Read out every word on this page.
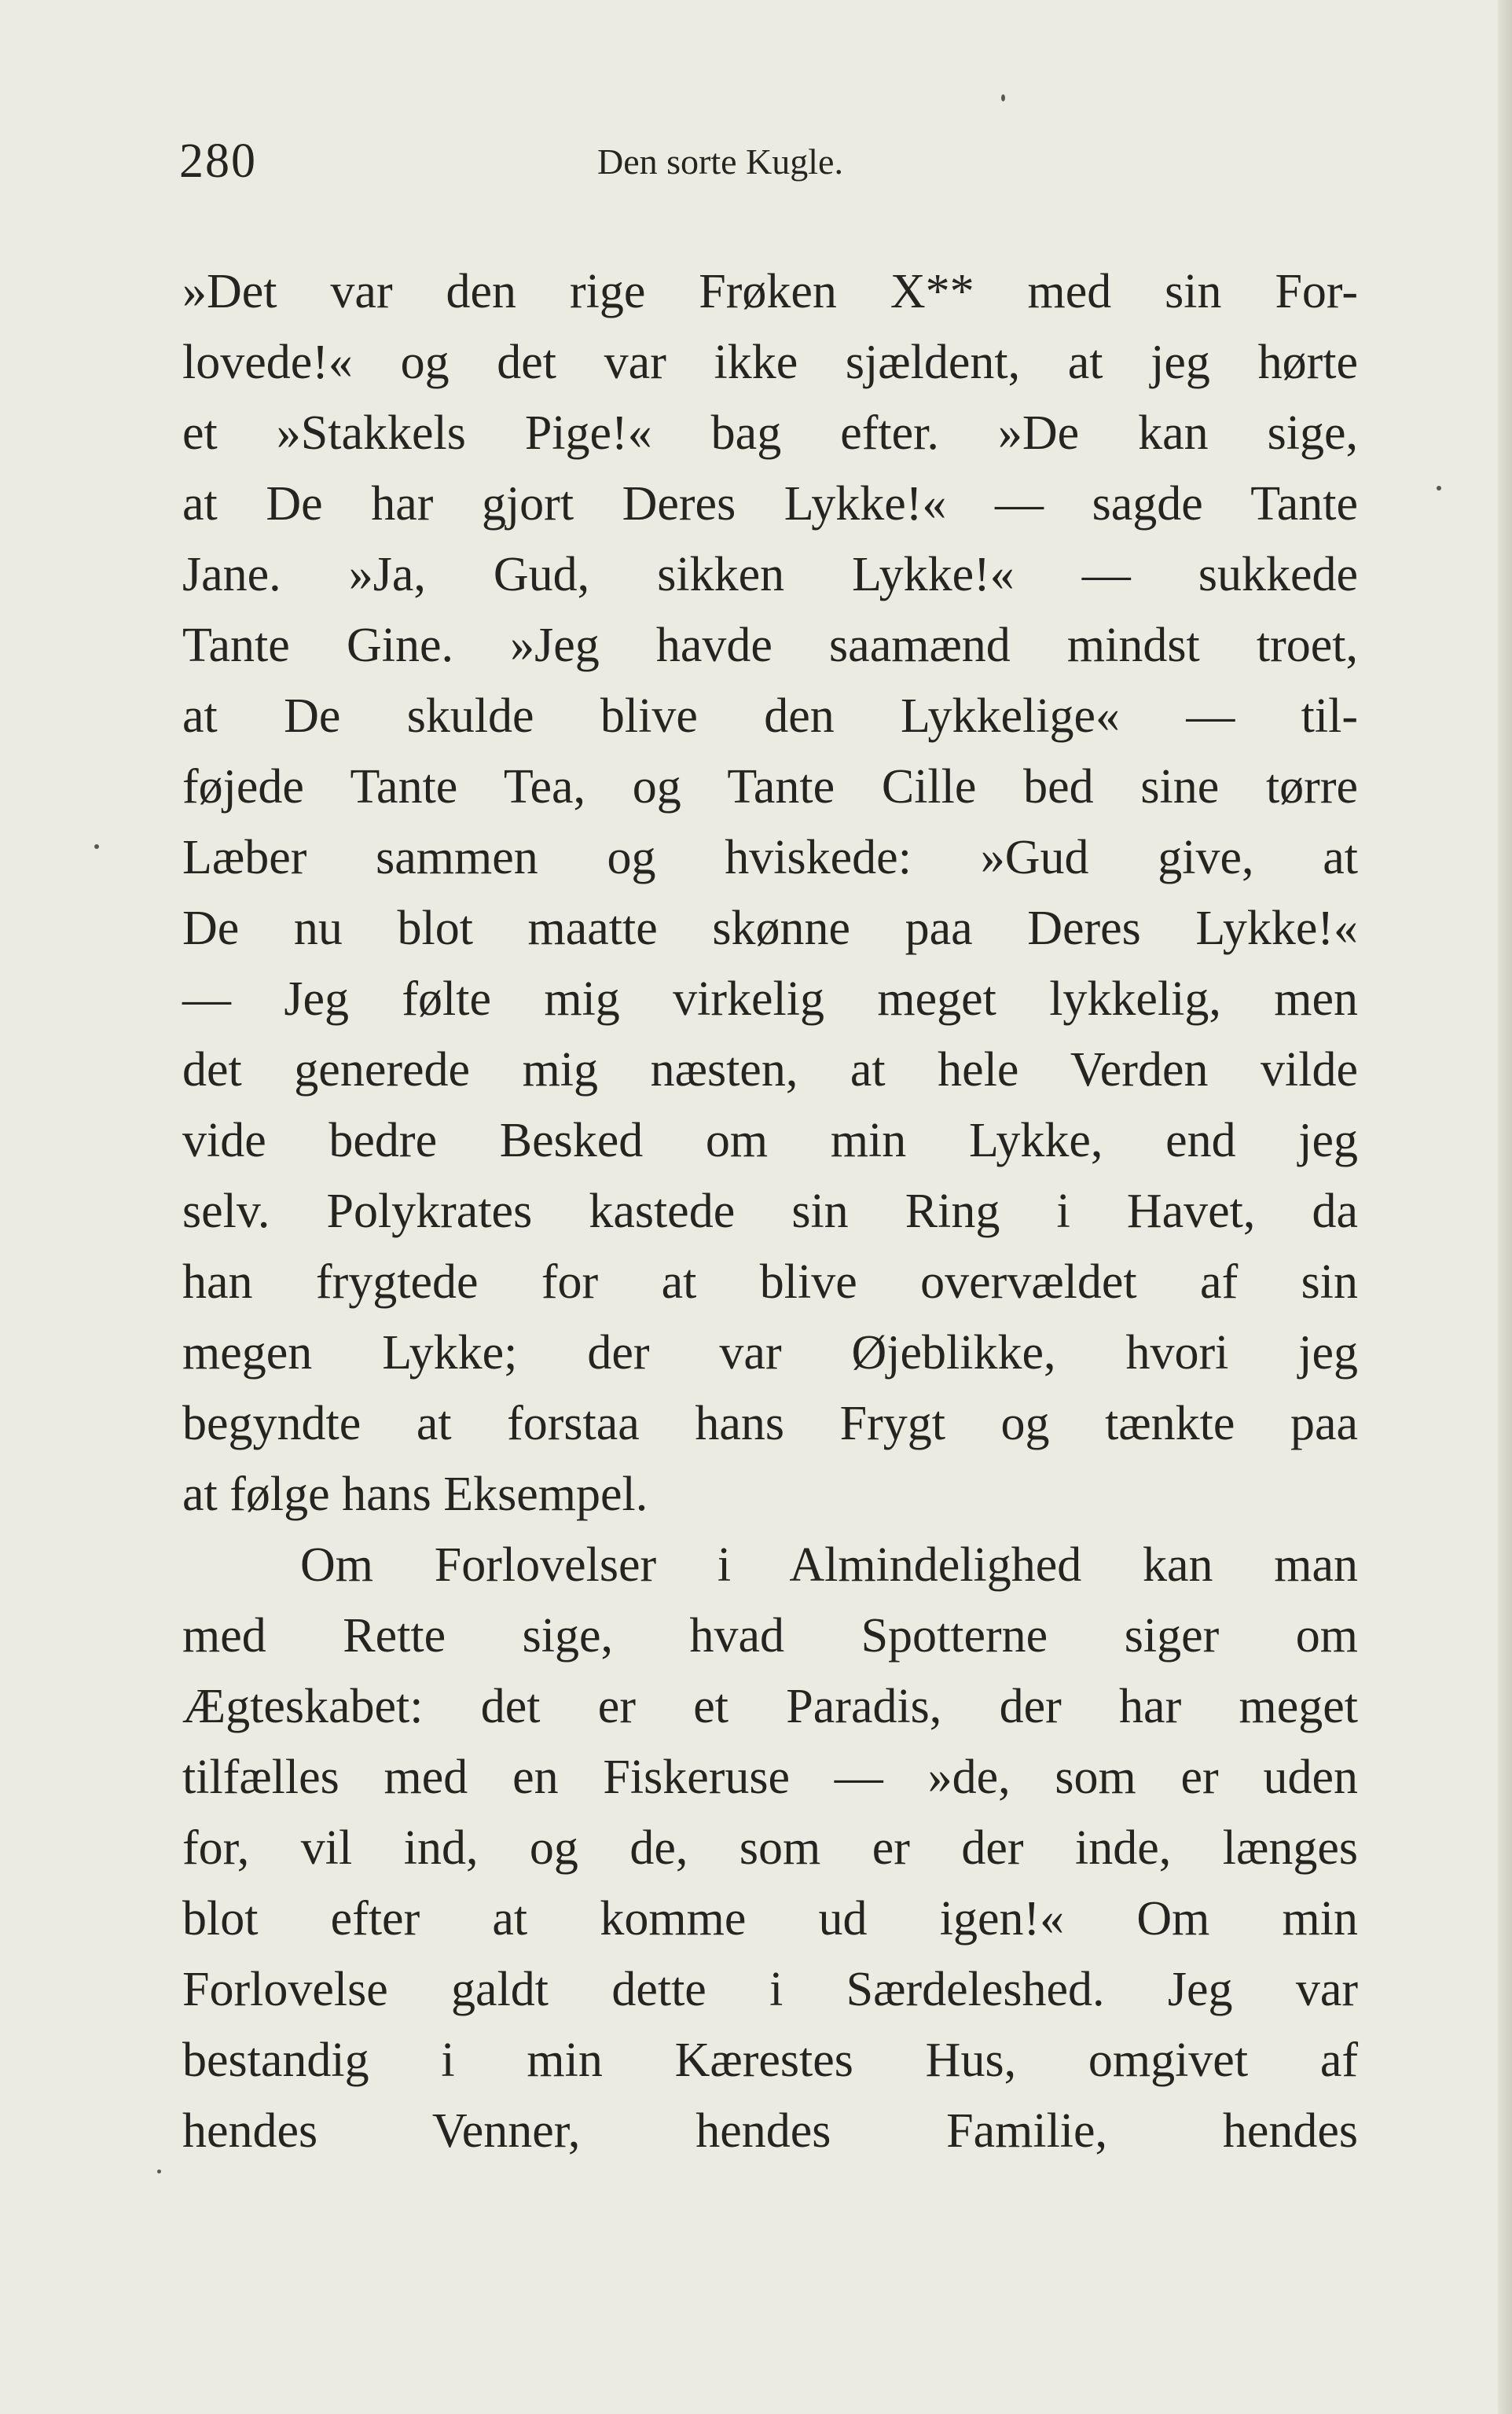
280	Den sorte Kugle.
»Det var den rige Frøken X** med sin For-
lovede!« og det var ikke sjældent, at jeg hørte
et »Stakkels Pige!« bag efter. »De kan sige,
at De har gjort Deres Lykke!« — sagde Tante
Jane. »Ja, Gud, sikken Lykke!« — sukkede
Tante Gine. »Jeg havde saamænd mindst troet,
at De skulde blive den Lykkelige« — til-
føjede Tante Tea, og Tante Cille bed sine tørre
Læber sammen og hviskede: »Gud give, at
De nu blot maatte skønne paa Deres Lykke!«
— Jeg følte mig virkelig meget lykkelig, men
det generede mig næsten, at hele Verden vilde
vide bedre Besked om min Lykke, end jeg
selv. Polykrates kastede sin Ring i Havet, da
han frygtede for at blive overvældet af sin
megen Lykke; der var Øjeblikke, hvori jeg
begyndte at forstaa hans Frygt og tænkte paa
at følge hans Eksempel.
Om Forlovelser i Almindelighed kan man
med Rette sige, hvad Spotterne siger om
Ægteskabet: det er et Paradis, der har meget
tilfælles med en Fiskeruse — »de, som er uden
for, vil ind, og de, som er der inde, længes
blot efter at komme ud igen!« Om min
Forlovelse galdt dette i Særdeleshed. Jeg var
bestandig i min Kærestes Hus, omgivet af
hendes Venner, hendes Familie, hendes
